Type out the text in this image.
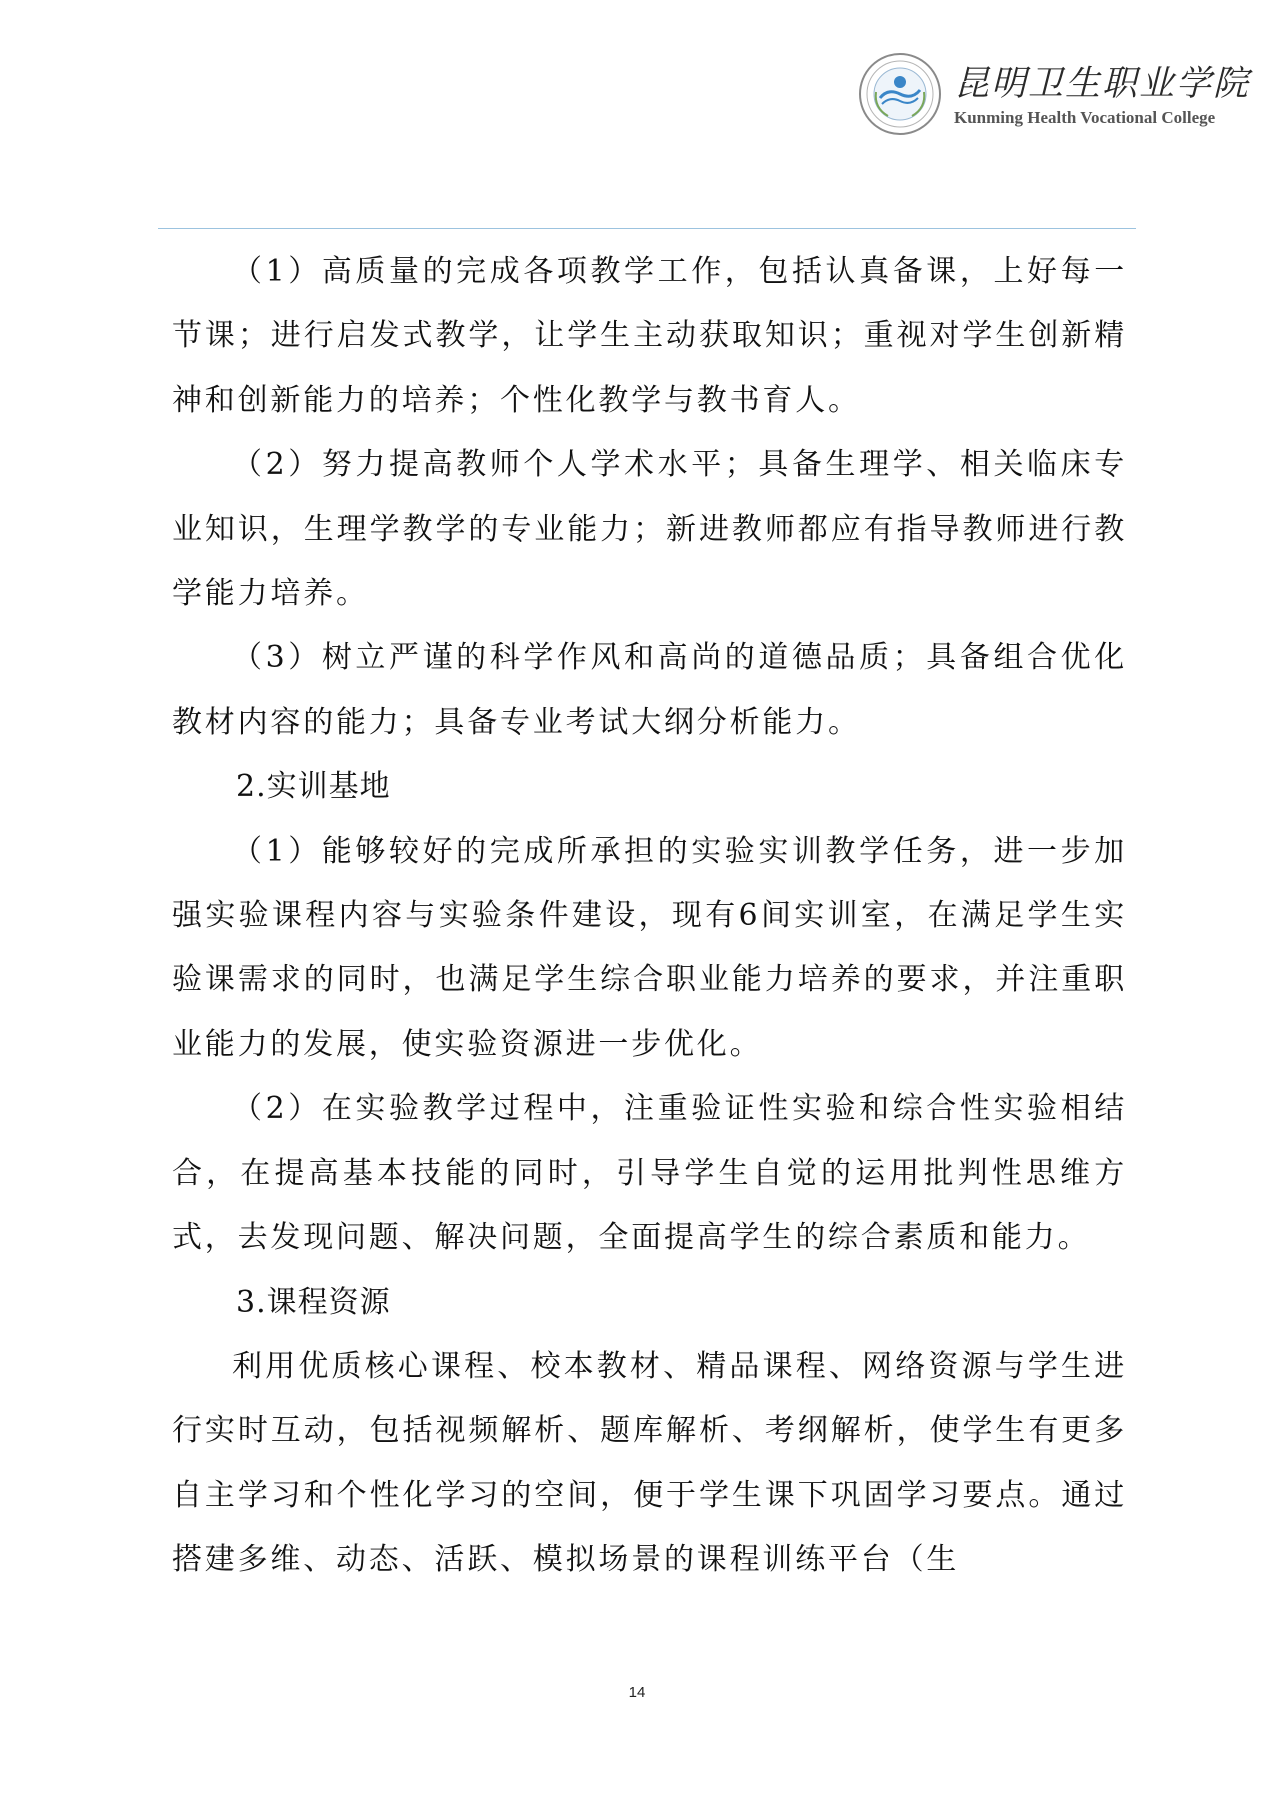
昆明卫生职业学院
Kunming Health Vocational College

（1）高质量的完成各项教学工作，包括认真备课，上好每一节课；进行启发式教学，让学生主动获取知识；重视对学生创新精神和创新能力的培养；个性化教学与教书育人。

（2）努力提高教师个人学术水平；具备生理学、相关临床专业知识，生理学教学的专业能力；新进教师都应有指导教师进行教学能力培养。

（3）树立严谨的科学作风和高尚的道德品质；具备组合优化教材内容的能力；具备专业考试大纲分析能力。

2.实训基地

（1）能够较好的完成所承担的实验实训教学任务，进一步加强实验课程内容与实验条件建设，现有6间实训室，在满足学生实验课需求的同时，也满足学生综合职业能力培养的要求，并注重职业能力的发展，使实验资源进一步优化。

（2）在实验教学过程中，注重验证性实验和综合性实验相结合，在提高基本技能的同时，引导学生自觉的运用批判性思维方式，去发现问题、解决问题，全面提高学生的综合素质和能力。

3.课程资源

利用优质核心课程、校本教材、精品课程、网络资源与学生进行实时互动，包括视频解析、题库解析、考纲解析，使学生有更多自主学习和个性化学习的空间，便于学生课下巩固学习要点。通过搭建多维、动态、活跃、模拟场景的课程训练平台（生

14
